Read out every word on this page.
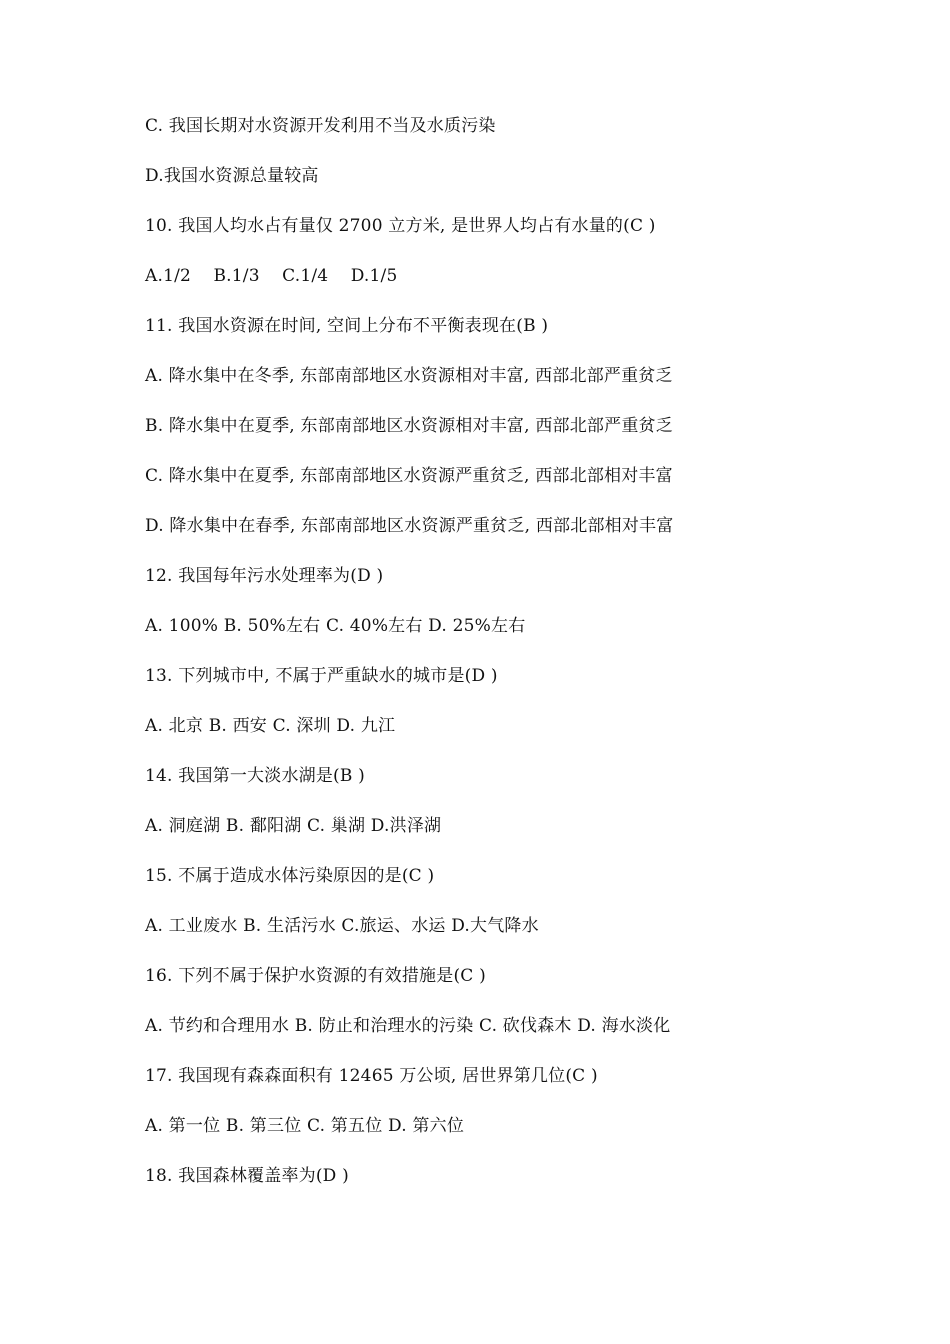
C. 我国长期对水资源开发利用不当及水质污染
D.我国水资源总量较高
10. 我国人均水占有量仅 2700 立方米, 是世界人均占有水量的(C )
A.1/2    B.1/3    C.1/4    D.1/5
11. 我国水资源在时间, 空间上分布不平衡表现在(B )
A. 降水集中在冬季, 东部南部地区水资源相对丰富, 西部北部严重贫乏
B. 降水集中在夏季, 东部南部地区水资源相对丰富, 西部北部严重贫乏
C. 降水集中在夏季, 东部南部地区水资源严重贫乏, 西部北部相对丰富
D. 降水集中在春季, 东部南部地区水资源严重贫乏, 西部北部相对丰富
12. 我国每年污水处理率为(D )
A. 100% B. 50%左右 C. 40%左右 D. 25%左右
13. 下列城市中, 不属于严重缺水的城市是(D )
A. 北京 B. 西安 C. 深圳 D. 九江
14. 我国第一大淡水湖是(B )
A. 洞庭湖 B. 鄱阳湖 C. 巢湖 D.洪泽湖
15. 不属于造成水体污染原因的是(C )
A. 工业废水 B. 生活污水 C.旅运、水运 D.大气降水
16. 下列不属于保护水资源的有效措施是(C )
A. 节约和合理用水 B. 防止和治理水的污染 C. 砍伐森木 D. 海水淡化
17. 我国现有森森面积有 12465 万公顷, 居世界第几位(C )
A. 第一位 B. 第三位 C. 第五位 D. 第六位
18. 我国森林覆盖率为(D )
